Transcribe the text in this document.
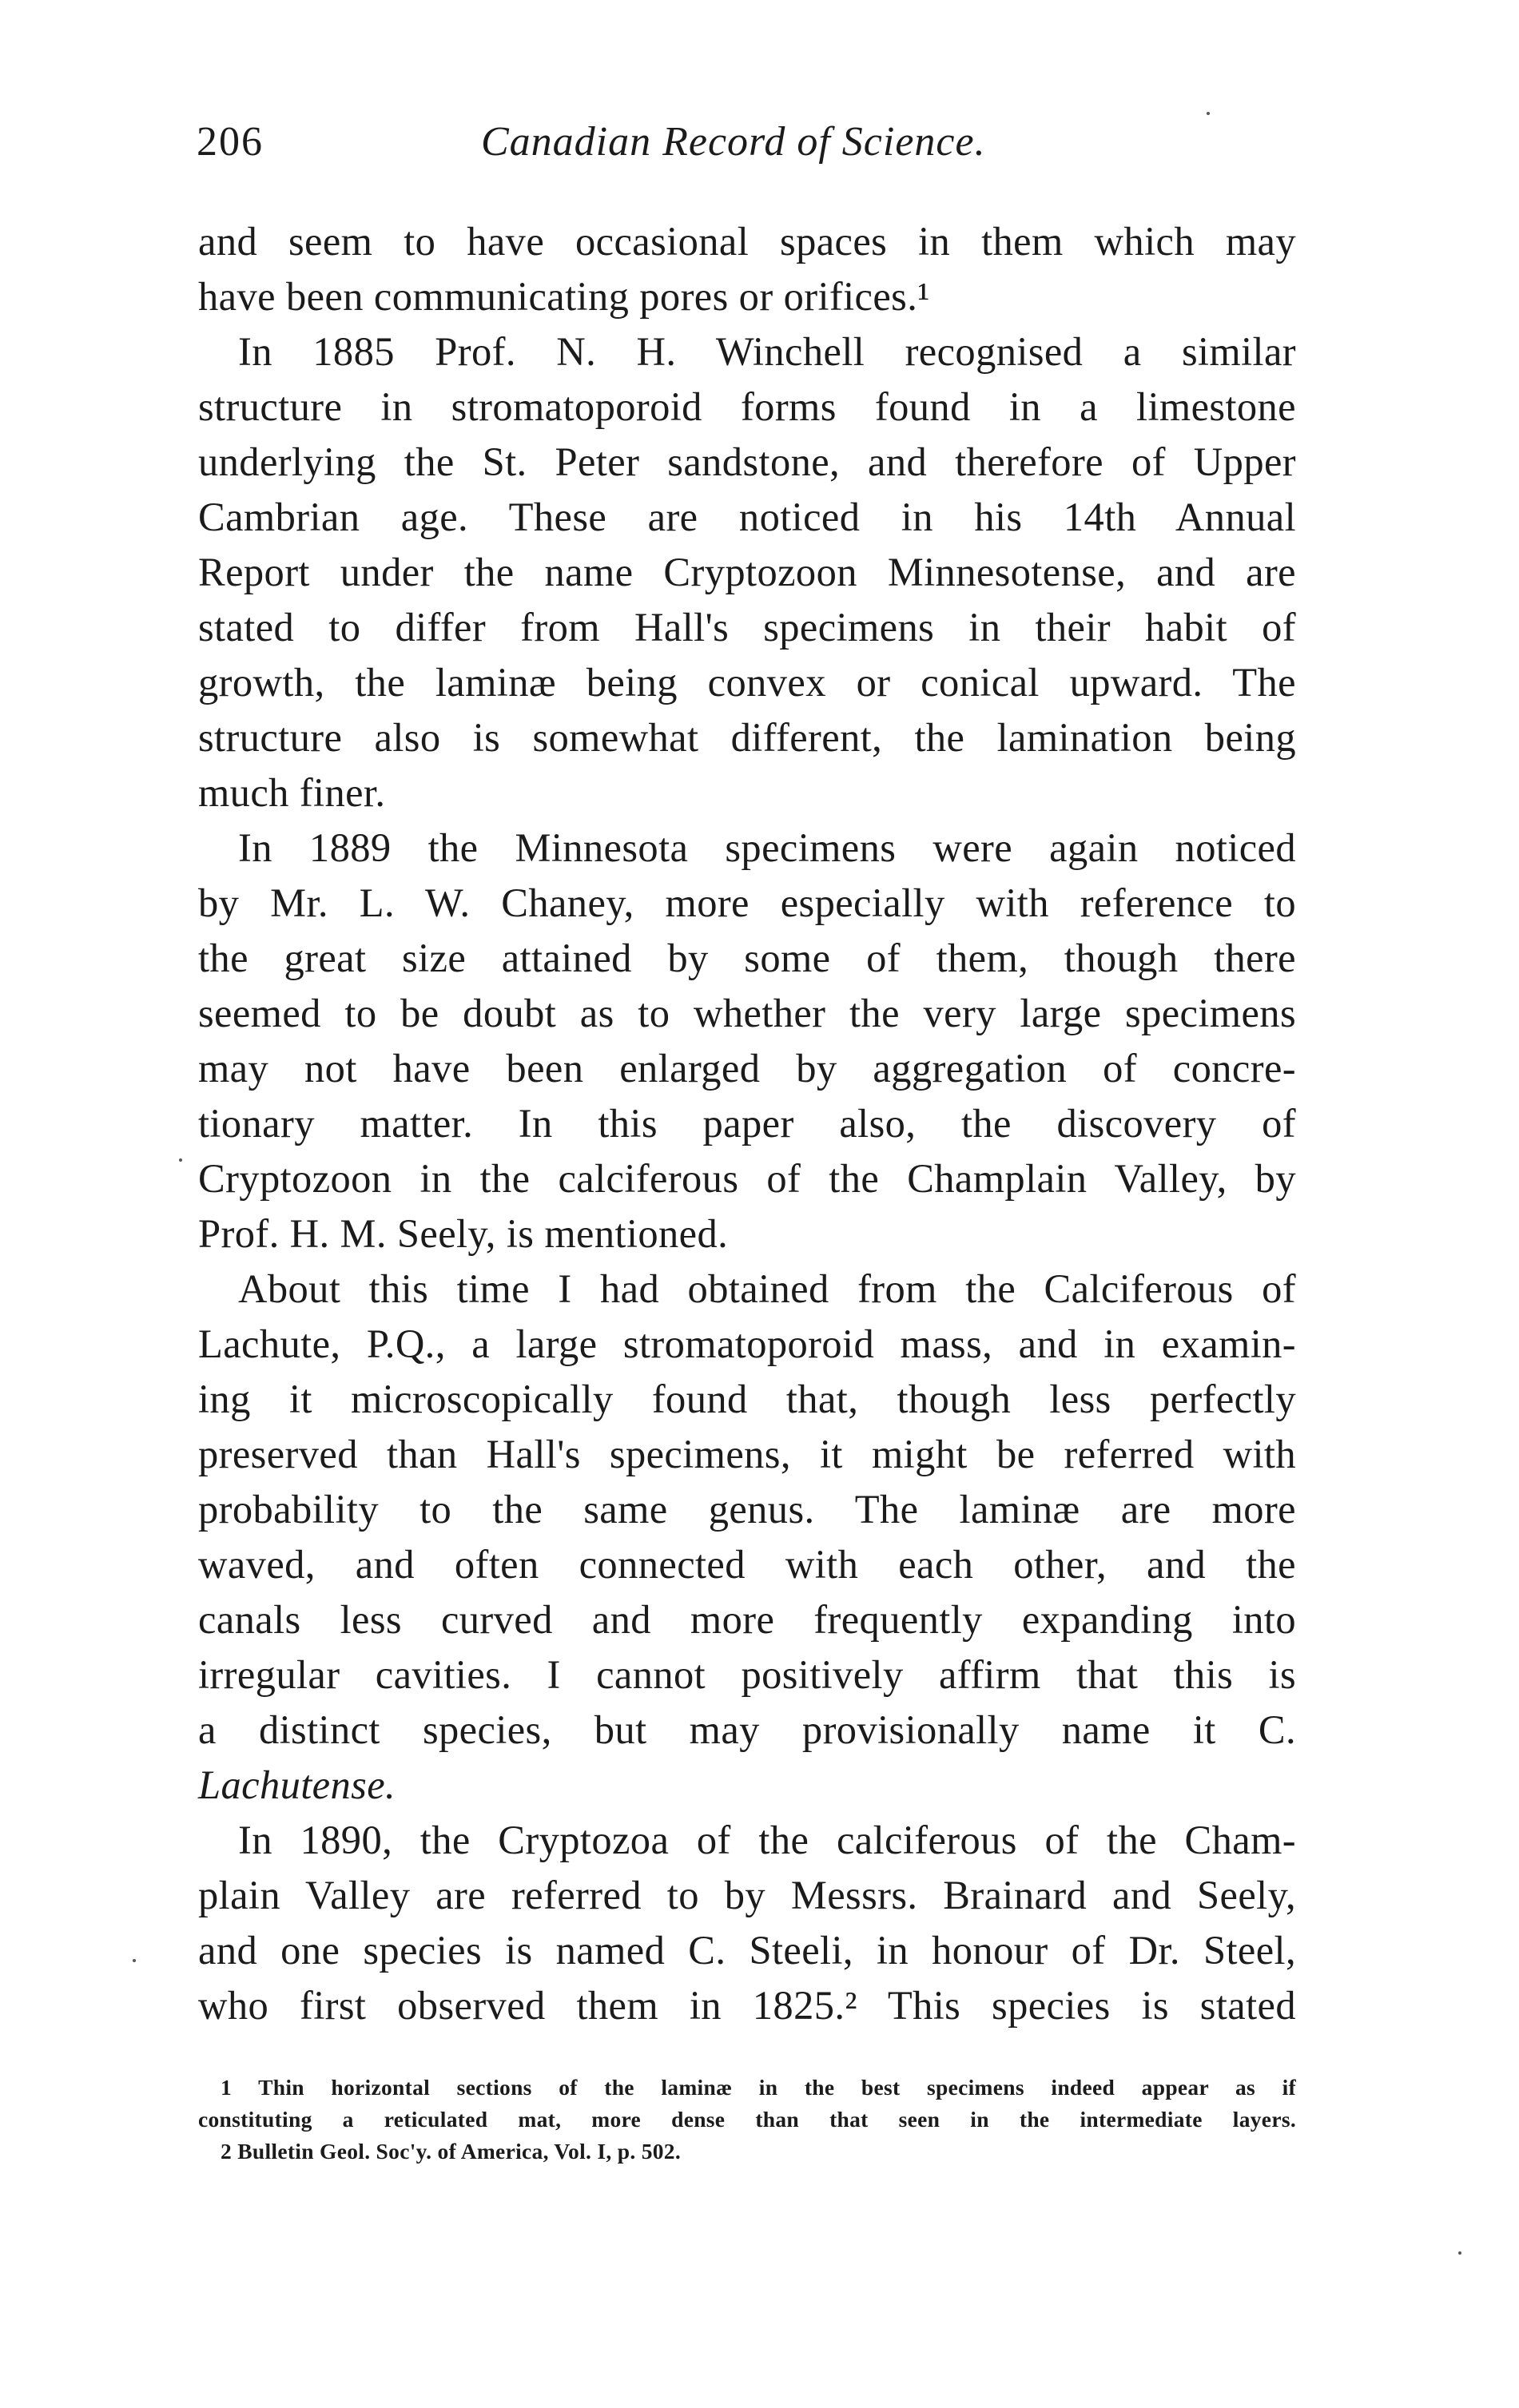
206	Canadian Record of Science.
and seem to have occasional spaces in them which may
have been communicating pores or orifices.¹
In 1885 Prof. N. H. Winchell recognised a similar
structure in stromatoporoid forms found in a limestone
underlying the St. Peter sandstone, and therefore of Upper
Cambrian age. These are noticed in his 14th Annual
Report under the name Cryptozoon Minnesotense, and are
stated to differ from Hall's specimens in their habit of
growth, the laminæ being convex or conical upward. The
structure also is somewhat different, the lamination being
much finer.
In 1889 the Minnesota specimens were again noticed
by Mr. L. W. Chaney, more especially with reference to
the great size attained by some of them, though there
seemed to be doubt as to whether the very large specimens
may not have been enlarged by aggregation of concre-
tionary matter. In this paper also, the discovery of
Cryptozoon in the calciferous of the Champlain Valley, by
Prof. H. M. Seely, is mentioned.
About this time I had obtained from the Calciferous of
Lachute, P.Q., a large stromatoporoid mass, and in examin-
ing it microscopically found that, though less perfectly
preserved than Hall's specimens, it might be referred with
probability to the same genus. The laminæ are more
waved, and often connected with each other, and the
canals less curved and more frequently expanding into
irregular cavities. I cannot positively affirm that this is
a distinct species, but may provisionally name it C.
Lachutense.
In 1890, the Cryptozoa of the calciferous of the Cham-
plain Valley are referred to by Messrs. Brainard and Seely,
and one species is named C. Steeli, in honour of Dr. Steel,
who first observed them in 1825.² This species is stated
1 Thin horizontal sections of the laminæ in the best specimens indeed appear as if
constituting a reticulated mat, more dense than that seen in the intermediate layers.
2 Bulletin Geol. Soc'y. of America, Vol. I, p. 502.
